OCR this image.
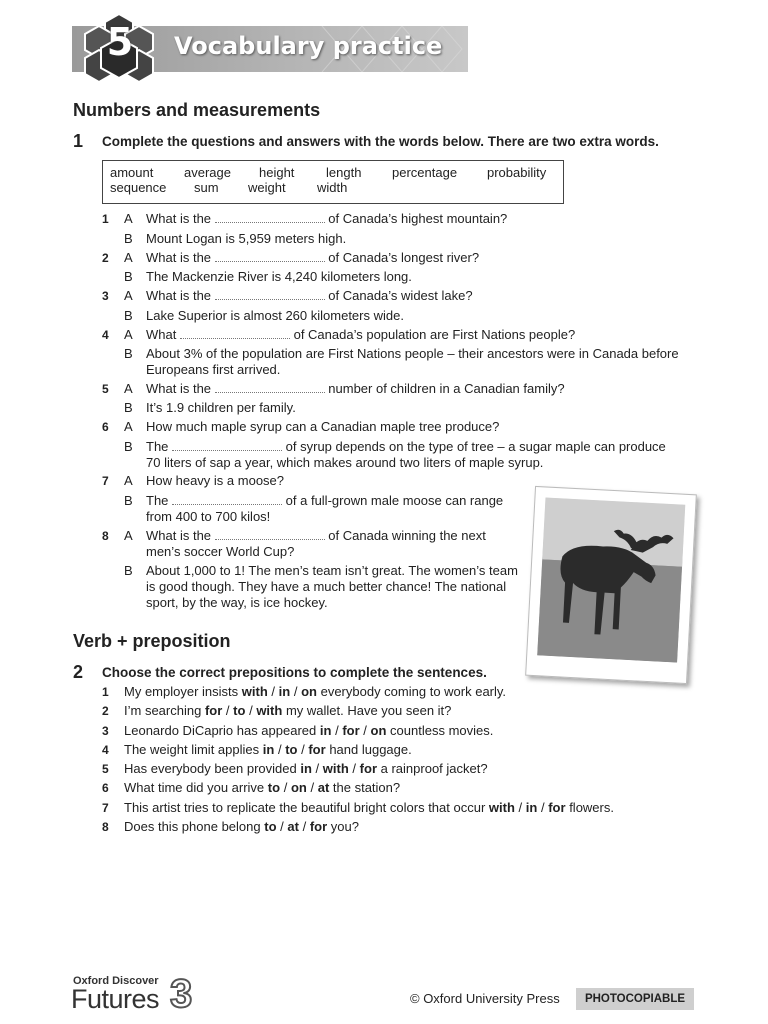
5 Vocabulary practice
Numbers and measurements
1 Complete the questions and answers with the words below. There are two extra words.
amount average height length percentage probability
sequence sum weight width
1 A What is the	of Canada’s highest mountain?
B Mount Logan is 5,959 meters high.
2 A What is the	of Canada’s longest river?
B The Mackenzie River is 4,240 kilometers long.
3 A What is the	of Canada’s widest lake?
B Lake Superior is almost 260 kilometers wide.
4 A What	of Canada’s population are First Nations people?
B About 3% of the population are First Nations people – their ancestors were in Canada before
Europeans first arrived.
5 A What is the	number of children in a Canadian family?
B It’s 1.9 children per family.
6 A How much maple syrup can a Canadian maple tree produce?
B The	of syrup depends on the type of tree – a sugar maple can produce
70 liters of sap a year, which makes around two liters of maple syrup.
7 A How heavy is a moose?
B The	of a full-grown male moose can range
from 400 to 700 kilos!
8 A What is the	of Canada winning the next
men’s soccer World Cup?
B About 1,000 to 1! The men’s team isn’t great. The women’s team
is good though. They have a much better chance! The national
sport, by the way, is ice hockey.
Verb + preposition
2 Choose the correct prepositions to complete the sentences.
1 My employer insists with / in / on everybody coming to work early.
2 I’m searching for / to / with my wallet. Have you seen it?
3 Leonardo DiCaprio has appeared in / for / on countless movies.
4 The weight limit applies in / to / for hand luggage.
5 Has everybody been provided in / with / for a rainproof jacket?
6 What time did you arrive to / on / at the station?
7 This artist tries to replicate the beautiful bright colors that occur with / in / for flowers.
8 Does this phone belong to / at / for you?
Oxford Discover
Futures 3	© Oxford University Press	PHOTOCOPIABLE
